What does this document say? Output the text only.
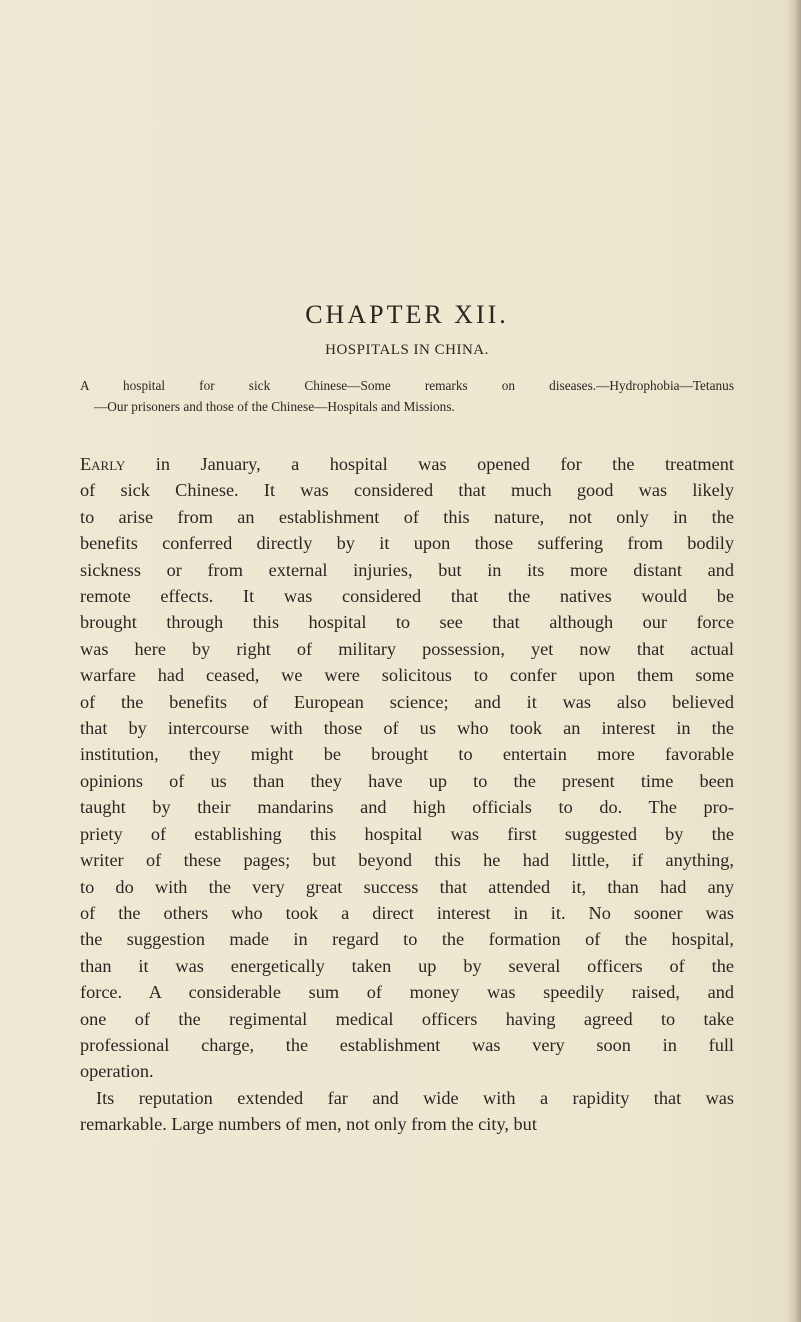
CHAPTER XII.
HOSPITALS IN CHINA.
A hospital for sick Chinese—Some remarks on diseases.—Hydrophobia—Tetanus
—Our prisoners and those of the Chinese—Hospitals and Missions.
Early in January, a hospital was opened for the treatment
of sick Chinese. It was considered that much good was likely
to arise from an establishment of this nature, not only in the
benefits conferred directly by it upon those suffering from bodily
sickness or from external injuries, but in its more distant and
remote effects. It was considered that the natives would be
brought through this hospital to see that although our force
was here by right of military possession, yet now that actual
warfare had ceased, we were solicitous to confer upon them some
of the benefits of European science; and it was also believed
that by intercourse with those of us who took an interest in the
institution, they might be brought to entertain more favorable
opinions of us than they have up to the present time been
taught by their mandarins and high officials to do. The pro-
priety of establishing this hospital was first suggested by the
writer of these pages; but beyond this he had little, if anything,
to do with the very great success that attended it, than had any
of the others who took a direct interest in it. No sooner was
the suggestion made in regard to the formation of the hospital,
than it was energetically taken up by several officers of the
force. A considerable sum of money was speedily raised, and
one of the regimental medical officers having agreed to take
professional charge, the establishment was very soon in full
operation.
Its reputation extended far and wide with a rapidity that was
remarkable. Large numbers of men, not only from the city, but
